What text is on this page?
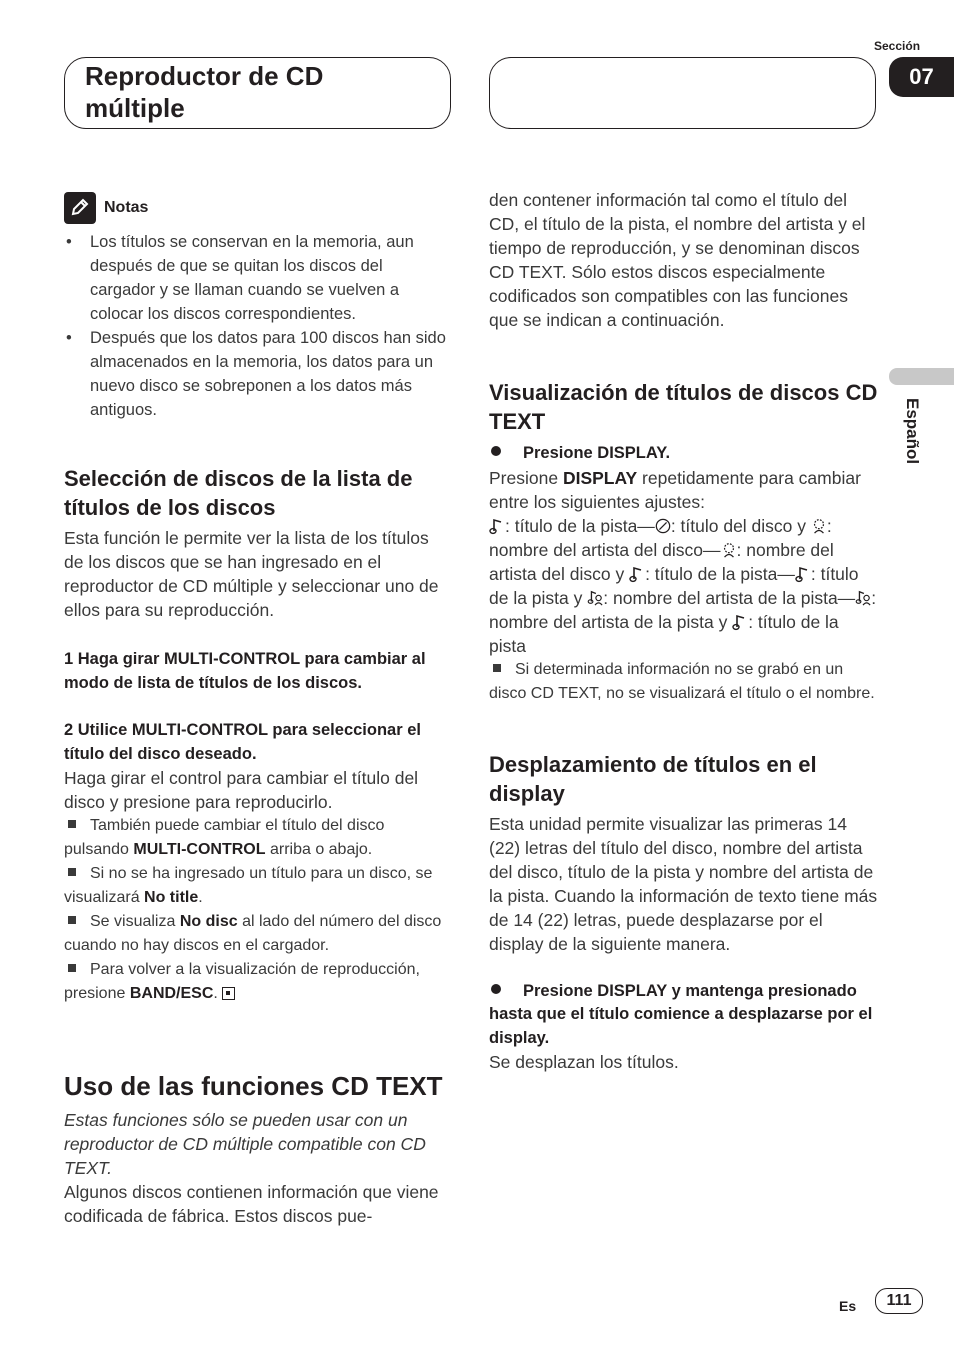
Reproductor de CD múltiple
Sección
07
Español
Notas
• Los títulos se conservan en la memoria, aun después de que se quitan los discos del cargador y se llaman cuando se vuelven a colocar los discos correspondientes.
• Después que los datos para 100 discos han sido almacenados en la memoria, los datos para un nuevo disco se sobreponen a los datos más antiguos.
Selección de discos de la lista de títulos de los discos

Esta función le permite ver la lista de los títulos de los discos que se han ingresado en el reproductor de CD múltiple y seleccionar uno de ellos para su reproducción.

1 Haga girar MULTI-CONTROL para cambiar al modo de lista de títulos de los discos.

2 Utilice MULTI-CONTROL para seleccionar el título del disco deseado.

Haga girar el control para cambiar el título del disco y presione para reproducirlo.

También puede cambiar el título del disco pulsando MULTI-CONTROL arriba o abajo.

Si no se ha ingresado un título para un disco, se visualizará No title.

Se visualiza No disc al lado del número del disco cuando no hay discos en el cargador.

Para volver a la visualización de reproducción, presione BAND/ESC.

Uso de las funciones CD TEXT

Estas funciones sólo se pueden usar con un reproductor de CD múltiple compatible con CD TEXT.

Algunos discos contienen información que viene codificada de fábrica. Estos discos pue-

den contener información tal como el título del CD, el título de la pista, el nombre del artista y el tiempo de reproducción, y se denominan discos CD TEXT. Sólo estos discos especialmente codificados son compatibles con las funciones que se indican a continuación.

Visualización de títulos de discos CD TEXT

Presione DISPLAY.

Presione DISPLAY repetidamente para cambiar entre los siguientes ajustes:

: título de la pista— : título del disco y : nombre del artista del disco— : nombre del artista del disco y : título de la pista— : título de la pista y : nombre del artista de la pista— : nombre del artista de la pista y : título de la pista

Si determinada información no se grabó en un disco CD TEXT, no se visualizará el título o el nombre.

Desplazamiento de títulos en el display

Esta unidad permite visualizar las primeras 14 (22) letras del título del disco, nombre del artista del disco, título de la pista y nombre del artista de la pista. Cuando la información de texto tiene más de 14 (22) letras, puede desplazarse por el display de la siguiente manera.

Presione DISPLAY y mantenga presionado hasta que el título comience a desplazarse por el display.

Se desplazan los títulos.

Es	111
